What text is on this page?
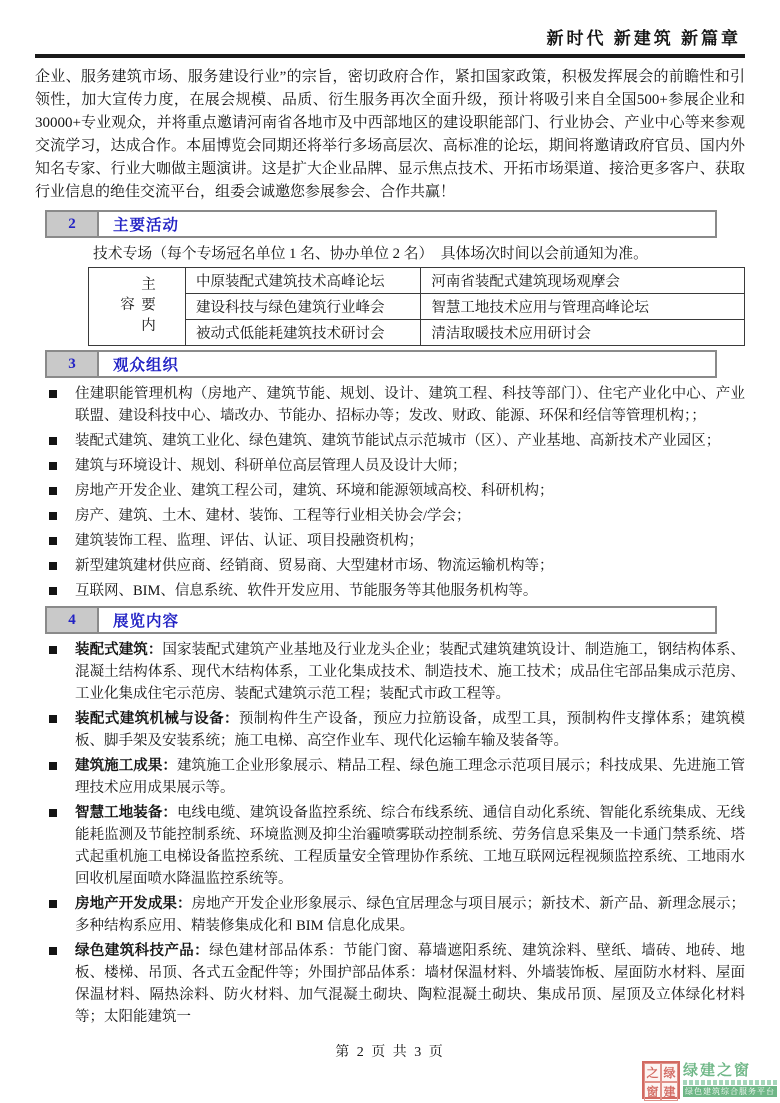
新时代 新建筑 新篇章

企业、服务建筑市场、服务建设行业”的宗旨，密切政府合作，紧扣国家政策，积极发挥展会的前瞻性和引领性，加大宣传力度，在展会规模、品质、衍生服务再次全面升级，预计将吸引来自全国500+参展企业和30000+专业观众，并将重点邀请河南省各地市及中西部地区的建设职能部门、行业协会、产业中心等来参观交流学习，达成合作。本届博览会同期还将举行多场高层次、高标准的论坛，期间将邀请政府官员、国内外知名专家、行业大咖做主题演讲。这是扩大企业品牌、显示焦点技术、开拓市场渠道、接洽更多客户、获取行业信息的绝佳交流平台，组委会诚邀您参展参会、合作共赢！

2	主要活动
技术专场（每个专场冠名单位 1 名、协办单位 2 名）　具体场次时间以会前通知为准。
主要内容	中原装配式建筑技术高峰论坛	河南省装配式建筑现场观摩会
	建设科技与绿色建筑行业峰会	智慧工地技术应用与管理高峰论坛
	被动式低能耗建筑技术研讨会	清洁取暖技术应用研讨会
3	观众组织
住建职能管理机构（房地产、建筑节能、规划、设计、建筑工程、科技等部门）、住宅产业化中心、产业联盟、建设科技中心、墙改办、节能办、招标办等；发改、财政、能源、环保和经信等管理机构；；
装配式建筑、建筑工业化、绿色建筑、建筑节能试点示范城市（区）、产业基地、高新技术产业园区；
建筑与环境设计、规划、科研单位高层管理人员及设计大师；
房地产开发企业、建筑工程公司，建筑、环境和能源领域高校、科研机构；
房产、建筑、土木、建材、装饰、工程等行业相关协会/学会；
建筑装饰工程、监理、评估、认证、项目投融资机构；
新型建筑建材供应商、经销商、贸易商、大型建材市场、物流运输机构等；
互联网、BIM、信息系统、软件开发应用、节能服务等其他服务机构等。
4	展览内容
装配式建筑：国家装配式建筑产业基地及行业龙头企业；装配式建筑建筑设计、制造施工，钢结构体系、混凝土结构体系、现代木结构体系，工业化集成技术、制造技术、施工技术；成品住宅部品集成示范房、工业化集成住宅示范房、装配式建筑示范工程；装配式市政工程等。
装配式建筑机械与设备：预制构件生产设备，预应力拉筋设备，成型工具，预制构件支撑体系；建筑模板、脚手架及安装系统；施工电梯、高空作业车、现代化运输车输及装备等。
建筑施工成果：建筑施工企业形象展示、精品工程、绿色施工理念示范项目展示；科技成果、先进施工管理技术应用成果展示等。
智慧工地装备：电线电缆、建筑设备监控系统、综合布线系统、通信自动化系统、智能化系统集成、无线能耗监测及节能控制系统、环境监测及抑尘治霾喷雾联动控制系统、劳务信息采集及一卡通门禁系统、塔式起重机施工电梯设备监控系统、工程质量安全管理协作系统、工地互联网远程视频监控系统、工地雨水回收机屋面喷水降温监控系统等。
房地产开发成果：房地产开发企业形象展示、绿色宜居理念与项目展示；新技术、新产品、新理念展示；多种结构系应用、精装修集成化和 BIM 信息化成果。
绿色建筑科技产品：绿色建材部品体系：节能门窗、幕墙遮阳系统、建筑涂料、壁纸、墙砖、地砖、地板、楼梯、吊顶、各式五金配件等；外围护部品体系：墙材保温材料、外墙装饰板、屋面防水材料、屋面保温材料、隔热涂料、防火材料、加气混凝土砌块、陶粒混凝土砌块、集成吊顶、屋顶及立体绿化材料等；太阳能建筑一
第 2 页 共 3 页
之 绿
窗 建
绿建之窗
绿色建筑综合服务平台
